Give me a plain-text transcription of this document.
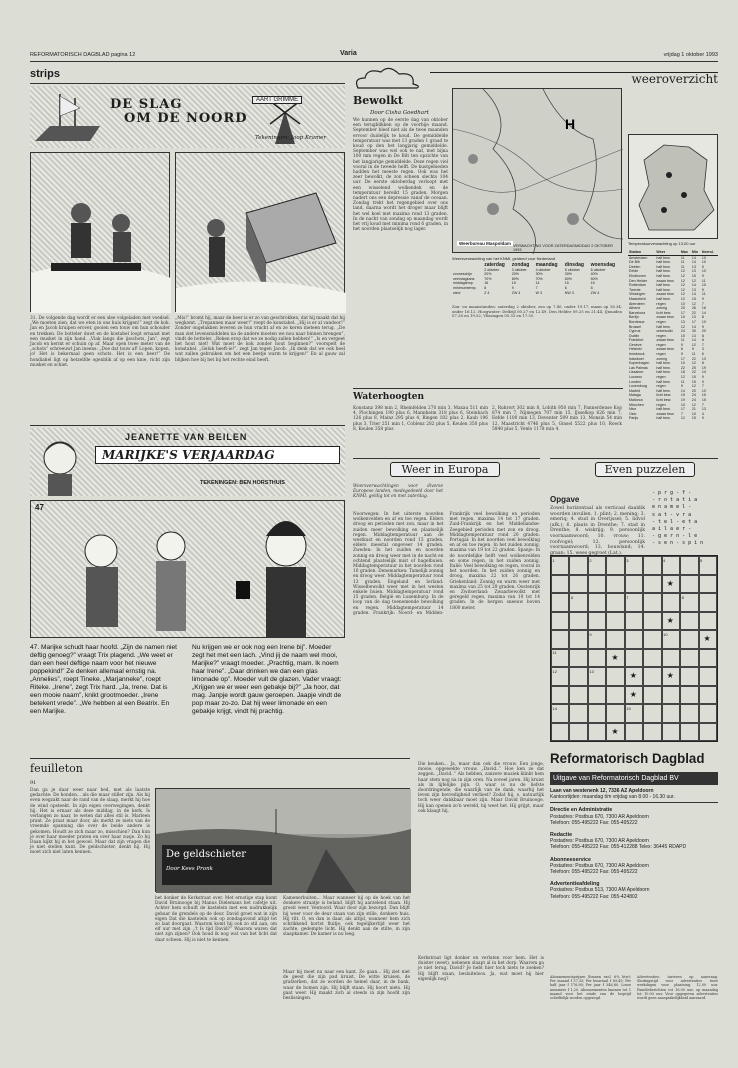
REFORMATORISCH DAGBLAD pagina 12	Varia	vrijdag 1 oktober 1993
strips
DE SLAG
OM DE NOORD
AART GRIMME
Tekeningen: Joop Kramer
31. De volgende dag wordt er een slee volgeladen met voedsel. „We moeten zien, dat we eten in ons huis krijgen!” zegt de kok. Jan en Jacob kruipen erover, gooien een touw om hun schouder en trekken. De botteler duwt en de kostabel loopt ernaast met een musket in zijn hand. „Vlak langs die ijsschots, Jan”, zegt Jacob en kermt er schuin op af. Maar open twee meter van de „schots” schreeuwt Jan ineens: „Doe dat touw af! Lopen, kopen, jo! Het is bekernaal geen schots. Het is een beer!” De hondiahel ligt op hetzelfde ogenblik af op een knie, richt zijn musket en schiet.
„Mis!” bromt hij, maar de beer is er zo van geschrokken, dat hij maakt dat hij wegkomt. „Trepannen maar weer!” roept de konstabel. „Hij is er al vandoor!” Zonder ongelukken leveren ze hun vracht af en ze keren meteen terug. „De man ziet levensmiddelen na de andere moeten we nou naar binnen brengen”, vindt de botteler. „Reken erop dat we ze nodig zullen hebben!” „Is en vergeet het hout niet! Wat moet de kok zonder hout beginnen?” voorspelt de konstabel. „Geluk heeft-ie!”, zegt Jan tegen Jacob. „Ik denk dat we ook heel wat zullen gebruiken om het een beetje warm te krijgen!” En al gauw zal blijken hoe bij het bij het rechte eind heeft.
JEANETTE VAN BEILEN
MARIJKE'S VERJAARDAG
TEKENINGEN: BEN HORSTHUIS
47
47. Marijke schudt haar hoofd. „Zijn de namen niet deftig genoeg?” vraagt Trix plagend. „We weet er dan een heel deftige naam voor het nieuwe poppekind!” Ze denken allemaal ernstig na. „Annelies”, roept Tineke. „Marjanneke”, roept Riteke. „Irene”, zegt Trix hard. „Ja, Irene. Dat is een mooie naam”, knikt grootmoeder. „Irene betekent vrede”. „We hebben al een Beatrix. En een Marijke.
Nu krijgen we er ook nog een Irene bij”. Moeder zegt het met een lach. „Vind jij de naam wel mooi, Marijke?” vraagt moeder. „Prachtig, mam. Ik noem haar Irene”. „Daar drinken we dan een glas limonade op”. Moeder vult de glazen. Vader vraagt: „Krijgen we er weer een gebakje bij?” „Ja hoor, dat mag. Janpje wordt gauw geroepen. Jaapje vindt de pop maar zo-zo. Dat hij weer limonade en een gebakje krijgt, vindt hij prachtig.
weeroverzicht
Bewolkt
Door Cisha Goedhart
We kunnen op de eerste dag van oktober een terugblikken op de voorbije maand. September bleef niet als de twee maanden ervoor duidelijk te koud. De gemiddelde temperatuur was met 13 graden 1 graad te koud op den bet langjarig gemiddelde. September was wel ook te nat, met bijna 100 mm regen in De Bilt ten opzichte van het langjarige gemiddelde. Deze regen viel vooral in de tweede helft. De kustgebieden hadden het meeste regen. Ook was het zeer bewolkt, de zon scheen slechts 104 uur. De eerste oktoberdag verloopt met een wisselend wolkendek en de temperatuur bereikt 15 graden. Morgen nadert ons een depressie vanaf de oceaan. Zondag trekt het regengebied over ons land, daarna wordt het droger maar blijft het wel koel met maxima rond 13 graden. In de nacht van zondag op maandag wordt het vrij koud met minima rond 6 graden, in het noorden plaatselijk nog lager.
H
Weerbureau Maspoldam VERWACHTING VOOR ZATERDAGMIDDAG 2 OKTOBER 1993
Temperatuurverwachting op 13.00 uur
Weersverwachting van het KNMI, geldend voor Nederland
	zaterdag	zondag	maandag	dinsdag	woensdag
	2 oktober	3 oktober	4 oktober	5 oktober	6 oktober
zonneschijn	20%	20%	30%	30%	40%
neerslagkans	70%	80%	70%	60%	50%
middagtemp.	16	15	14	15	15
minimumtemp.	8	9	7	6	8
wind	Z 4	ZW 4	W 3	NW 3	ZW 4
Zon- en maanstanden: zaterdag 2 oktober, zon op 7.40, onder 19.17, maan op 16.34, onder 16.12. Hoogwater: Delfzijl 00.27 en 12.49, Den Helder 09.25 en 21.44, IJmuiden 07.28 en 19.52, Vlissingen 05.33 en 17.55.
Station	Weer	Max	Min	Neersl.
Amsterdam	half bew.	11	14	10
De Bilt	half bew.	11	14	10
Deelen	half bew.	11	13	9
Eelde	half bew.	12	13	10
Eindhoven	half bew.	12	15	9
Den Helder	zwaar bew.	12	12	11
Rotterdam	half bew.	12	14	10
Twente	half bew.	12	13	9
Vlissingen	zwaar bew.	12	14	11
Maastricht	half bew.	12	15	9
Aberdeen	regen	10	12	7
Athene	zonnig	20	26	16
Barcelona	licht bew.	17	22	14
Berlijn	zwaar bew.	10	13	8
Bordeaux	regen	13	17	10
Brussel	half bew.	12	14	9
Cyprus	onbewolkt	24	30	20
Dublin	regen	10	13	8
Frankfurt	zwaar bew.	11	14	8
Genève	regen	9	12	7
Helsinki	zwaar bew.	6	9	3
Innsbruck	regen	9	11	6
Istanboel	zonnig	17	22	13
Kopenhagen	half bew.	10	12	8
Las Palmas	half bew.	22	25	19
Lissabon	half bew.	18	22	14
Locarno	regen	12	15	9
Londen	half bew.	11	15	9
Luxemburg	regen	9	12	7
Madrid	half bew.	14	20	10
Malaga	licht bew.	19	24	15
Mallorca	licht bew.	19	24	15
München	regen	10	12	7
Nice	half bew.	17	21	13
Oslo	zwaar bew.	7	10	4
Parijs	half bew.	12	15	9
Waterhoogten
Konstanz 398 min 2, Rheinfelden 270 min 3, Maxau 511 min 4, Plochingen 190 plus 6, Mannheim 318 plus 6, Steinbach 126 plus 8, Mainz 295 plus 4, Bingen 182 plus 2, Kaub 196 plus 3, Trier 251 min 1, Coblenz 282 plus 5, Keulen 350 plus 8, Keulen 358 plus
2, Ruhrort 302 min 8, Lobith 950 min 7, Pannerdense Kop 874 min 7, Nijmegen 707 min 15, IJsselkop 626 min 7, Eefde 1100 min 13, Deventer 509 min 13, Monsin 54 min 12, Maastricht 4746 plus 5, Ginsel 5522 plus 10, Roeck 5840 plus 5, Venlo 1178 min 4.
Weer in Europa
Weersverwachtingen voor diverse Europese landen, medegedeeld door het KNMI, geldig tot en met zaterdag.
Noorwegen: In het uiterste noorden wolkenvelden en af en toe regen. Elders droog en perioden met zon, maar in het zuiden meer bewolking en plaatselijk regen. Middagtemperatuur aan de westkust en noorden rond 15 graden, elders meestal ongeveer 14 graden. Zweden: In het zuiden en noorden zonnig en droog weer met in de nacht en ochtend plaatselijk mist of hagelbuien. Middagtemperatuur in het noorden rond 10 graden. Denemarken: Tamelijk zonnig en droog weer. Middagtemperatuur rond 13 graden. Engeland en Ierland: Wisselbewolkt weer met in het westen enkele buien. Middagtemperatuur rond 15 graden. België en Luxemburg: In de loop van de dag toenemende bewolking en regen. Middagtemperatuur 14 graden. Frankrijk: Noord- en Midden-Frankrijk veel bewolking en perioden met regen, maxima 14 tot 17 graden. Zuid-Frankrijk en het Middellandse-Zeegebied perioden met zon en droog. Middagtemperatuur rond 20 graden. Portugal: In het noorden veel bewolking en af en toe regen. In het zuiden zonnig, maxima van 19 tot 22 graden. Spanje: In de noordelijke helft veel wolkenvelden en soms regen, in het zuiden zonnig. Italië: Veel bewolking en regen, vooral in het noorden. In het zuiden zonnig en droog, maxima 22 tot 26 graden. Griekenland: Zonnig en warm weer met maxima van 25 tot 29 graden. Oostenrijk en Zwitserland: Zwaarbewolkt met geregeld regen, maxima van 10 tot 14 graden. In de bergen sneeuw boven 1800 meter.
Even puzzelen
Opgave
Zowel horizontaal als verticaal daaldik woorden invullen. 1. plint; 2. mening; 3. emeriq; 4. stud in Overijssel; 5. lidvol (afk.); 6. plaats in Drenthe; 7. stad in Drenthe; 8. wiskrijg; 9. persoonlijk voornaamwoord; 10. vrouw; 11. roofvogel; 12. persoonlijk voornaamwoord; 13. bouwland; 14. graan; 15. wees gegroet (Lat.).
- p r g - f -
- r o t a t i a
e n a m e l -
s a t - v r a
- t e l - e t a
a i l a e r -
- g e r n - l e
- s e n - s p i n
1	2	3	4	5
★
6	7	8
★
9	10
★
11
★
12	13
★
★
★
14	15
★
feuilleton
91
Dan ga je daar weer naar bed, met als laatste gedachte: De honden... als die maar stiller zijn. Als hij even wegzakt naar de rand van de slaap, merkt hij hoe de wind opsteekt. In zijn eigen overwegingen, denkt hij. Het is ernaar als deze middag, in de kerk. Is verlangen zo naar, te weten dat alles stil is. Marleen prant. Ze praat maar door, als merkt ze niets van de vreemde spanning die over de beide andere is gekomen. Houdt ze zich maar zo, misschien? Dan kun je over haar moeder praten en over haar zusje. Zo bij Daan kijkt hij in het gewoel. Maar dat zijn vragen die je niet stellen kunt. De geldschieter, denkt hij. Hij moet zich niet laten kennen.	De geldschieter
Door Kees Pronk
het donker de Kerkstraat over. Met ernstige stap komt David Bruinooge bij Manus Dielemans het cafetje uit. Achter hem schuift de kastelein met een nadrukkelijk gebaar de grendels op de deur. David groet wat in zijn eigen Dat die kastelein ook op zondagavond altijd tot zo laat doorgaat. Waarom komt hij ook zo stil aan, om elf uur met zijn „'t Is tijd David?” Waarom waren dat niet zijn zijnen? Ook houd ik nog wat van het licht dat daar scheen. Hij is niet te kennen.
Kamenerbuiten... Maar wanneer hij op de hoek van het donkere straatje is beland, blijft hij aarzelend staan. Hij groeit weer. Ventoord. Waar door zijn bezorgd. Dan blijft hij weer voor de deur staan van zijn stille, donkere huis. Hij rilt. O, en dan is daar, als altijd, wanneer hem zich schrikkend kortst fluitje, ook tegelijkertijd weer het zachte, gedempte licht. Hij denkt aan de stilte, in zijn slaapkamer. De kamer is nu leeg.
Maar hij moet nu naar een kant. Ze gaan... Hij ziet niet de geest die zijn pad kruist. De witte kruisen, de grafzerken, dat ze worden de hemel daar, in de bank, waar de bomen zijn. Hij blijft staan. Hij hoort niets. Hij gaat weer. Hij maakt zich al steeds in zijn hoofd zijn beslissingen.
Die keuken... Ja, maar dan ook die vrouw. Een jonge, mooie, opgewekte vrouw. „David..” Hoe ken ze dat zeggen. „David..” Als hebben, zanzere muziek klinkt hem haar stem nog na in zijn oren. Na zoveel jaren. Hij kruist als in lijfelijke pijn. O, waar is nu de liefste doordringende, die waarlijk van de dank, waarbij het leven zijn bevredigheid verliest? Zodat hij, o, natuurlijk toch weer dankbaar moet zijn. Maar David Bruinooge. Hij kan openen zo'n wereld, hij weet het. Hij grijpt, maar ook klaagt hij.
Kerkstraat ligt donker en verlaten voor hem. Het is duister (weet), nebenen slaapt al in het dorp. Waarom ga je niet terug, David? Je hebt hier toch niets te zoeken? Hij blijft staan, besluiteloos. Ja, wat moet hij hier eigenlijk nog?
Reformatorisch Dagblad
Uitgave van Reformatorisch Dagblad BV
Laan van westenenk 12, 7336 AZ Apeldoorn
Kantoortijden: maandag t/m vrijdag van 8.00 - 16.30 uur.
Directie en Administratie
Postadres: Postbus 670, 7300 AR Apeldoorn
Telefoon: 055-495222 Fax: 055-495222
Redactie
Postadres: Postbus 670, 7300 AR Apeldoorn
Telefoon: 055-495222 Fax: 055-412288 Telex: 36445 RDAPD
Abonneeservice
Postadres: Postbus 670, 7300 AR Apeldoorn
Telefoon: 055-495222 Fax: 055-495222
Advertentieafdeling
Postadres: Postbus 513, 7300 AM Apeldoorn
Telefoon: 055-495222 Fax: 055-424802
Abonnementsprijzen (binnen excl. 6% btw): Per maand f 37,35; Per kwartaal f 89,45; Per half jaar f 176,80; Per jaar f 346,80. Losse nummers f 1,20. Abonnementen kunnen tot 1 maand voor het einde van de looptijd schriftelijk worden opgezegd.
Advertenties: tarieven op aanvraag. Sluitingstijd voor advertenties twee werkdagen voor plaatsing, 12.00 uur. Familieberichten tot 16.00 uur, op maandag tot 10.00 uur. Voor opgegeven advertenties wordt geen aansprakelijkheid aanvaard.
